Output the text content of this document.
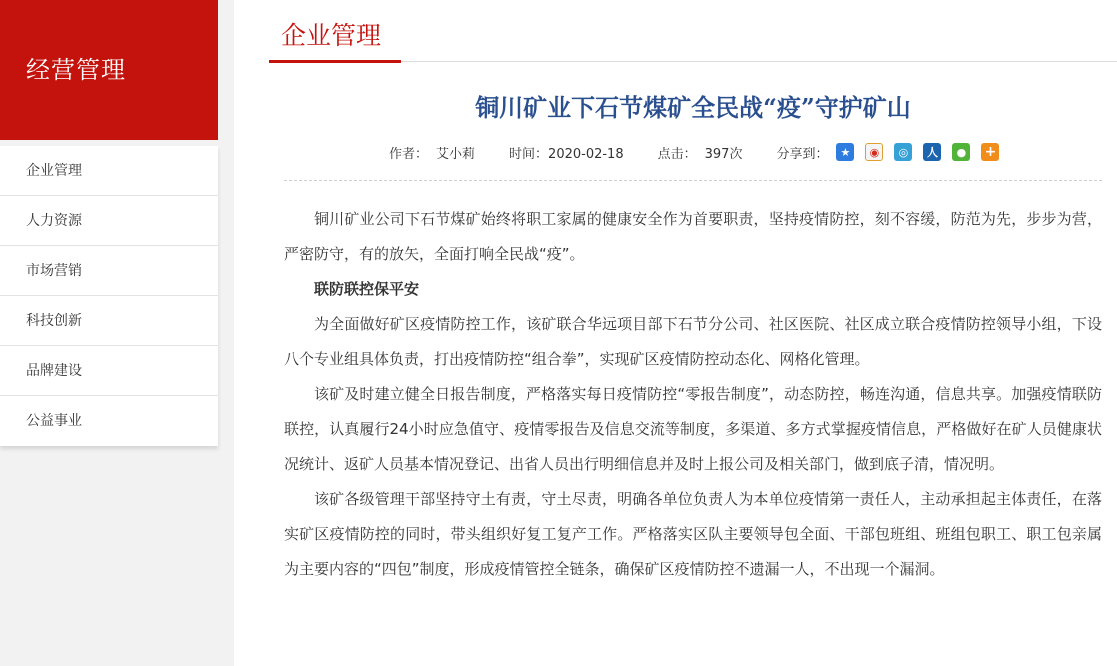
经营管理
企业管理
人力资源
市场营销
科技创新
品牌建设
公益事业
企业管理
铜川矿业下石节煤矿全民战“疫”守护矿山
作者： 艾小莉	时间：2020-02-18	点击： 397次	分享到：	★	◉	◎	人	●	+

铜川矿业公司下石节煤矿始终将职工家属的健康安全作为首要职责，坚持疫情防控，刻不容缓，防范为先，步步为营，严密防守，有的放矢，全面打响全民战“疫”。

联防联控保平安

为全面做好矿区疫情防控工作，该矿联合华远项目部下石节分公司、社区医院、社区成立联合疫情防控领导小组，下设八个专业组具体负责，打出疫情防控“组合拳”，实现矿区疫情防控动态化、网格化管理。

该矿及时建立健全日报告制度，严格落实每日疫情防控“零报告制度”，动态防控，畅连沟通，信息共享。加强疫情联防联控，认真履行24小时应急值守、疫情零报告及信息交流等制度，多渠道、多方式掌握疫情信息，严格做好在矿人员健康状况统计、返矿人员基本情况登记、出省人员出行明细信息并及时上报公司及相关部门，做到底子清，情况明。

该矿各级管理干部坚持守土有责，守土尽责，明确各单位负责人为本单位疫情第一责任人，主动承担起主体责任，在落实矿区疫情防控的同时，带头组织好复工复产工作。严格落实区队主要领导包全面、干部包班组、班组包职工、职工包亲属为主要内容的“四包”制度，形成疫情管控全链条，确保矿区疫情防控不遗漏一人，不出现一个漏洞。
